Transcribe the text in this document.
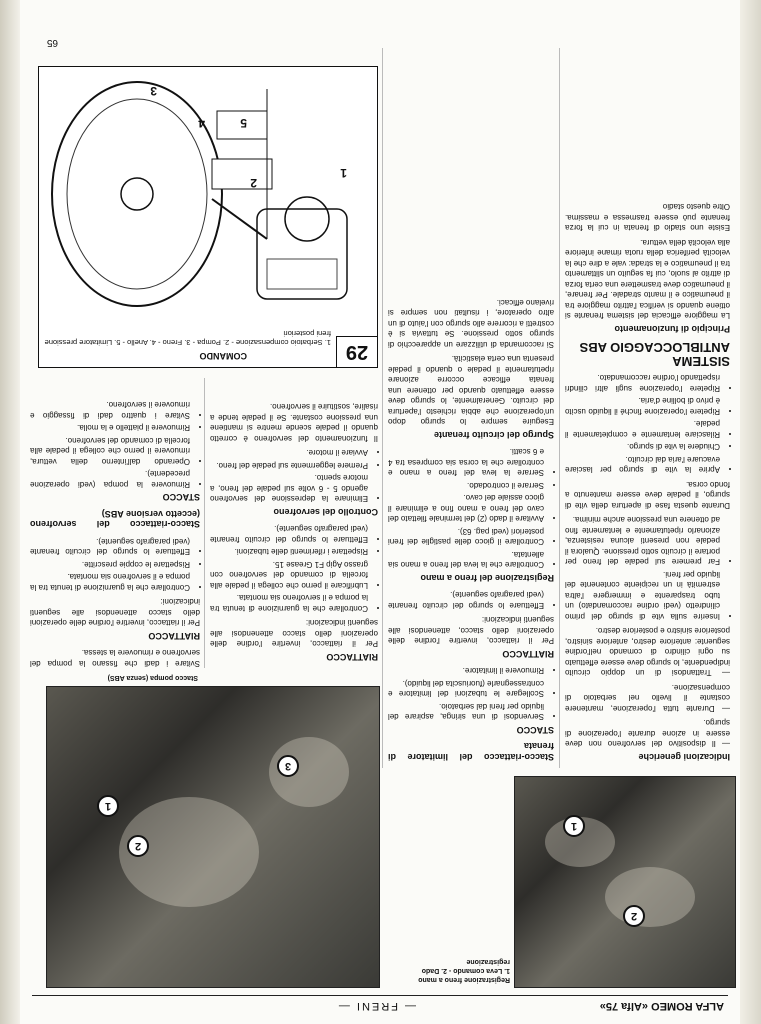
ALFA ROMEO «Alfa 75»
— FRENI —
65
2
1
Registrazione freno a mano
1. Leva comando - 2. Dado registrazione
2
1
3
Stacco pompa (senza ABS)
Indicazioni generiche

— Il dispositivo del servofreno non deve essere in azione durante l'operazione di spurgo.

— Durante tutta l'operazione, mantenere costante il livello nel serbatoio di compensazione.

— Trattandosi di un doppio circuito indipendente, lo spurgo deve essere effettuato su ogni cilindro di comando nell'ordine seguente: anteriore destro, anteriore sinistro, posteriore sinistro e posteriore destro.

• Inserire sulla vite di spurgo del primo cilindretto (vedi ordine raccomandato) un tubo trasparente e immergere l'altra estremità in un recipiente contenente del liquido per freni.
• Far premere sul pedale del freno per portare il circuito sotto pressione. Qualora il pedale non presenti alcuna resistenza, azionarlo ripetutamente e lentamente fino ad ottenere una pressione anche minima.

Durante questa fase di apertura della vite di spurgo, il pedale deve essere mantenuto a fondo corsa.

• Aprire la vite di spurgo per lasciare evacuare l'aria dal circuito.
• Chiudere la vite di spurgo.
• Rilasciare lentamente e completamente il pedale.
• Ripetere l'operazione finché il liquido uscito è privo di bolline d'aria.
• Ripetere l'operazione sugli altri cilindri rispettando l'ordine raccomandato.
SISTEMA ANTIBLOCCAGGIO ABS
Principio di funzionamento

La maggiore efficacia del sistema frenante si ottiene quando si verifica l'attrito maggiore tra il pneumatico e il manto stradale. Per frenare, il pneumatico deve trasmettere una certa forza di attrito al suolo, cui fa seguito un slittamento tra il pneumatico e la strada: vale a dire che la velocità periferica della ruota rimane inferiore alla velocità della vettura.

Esiste uno stadio di frenata in cui la forza frenante può essere trasmessa e massima. Oltre questo stadio

Stacco-riattacco del limitatore di frenata
STACCO
• Servendosi di una siringa, aspirare del liquido per freni dal serbatoio.
• Scollegare le tubazioni del limitatore e contrassegnarle (fuoriuscita del liquido).
• Rimuovere il limitatore.
RIATTACCO

Per il riattacco, invertire l'ordine delle operazioni dello stacco, attenendosi alle seguenti indicazioni:

• Effettuare lo spurgo del circuito frenante (vedi paragrafo seguente).
Registrazione del freno a mano
• Controllare che la leva del freno a mano sia allentata.
• Controllare il gioco delle pastiglie dei freni posteriori (vedi pag. 63).
• Avvitare il dado (2) del terminale filettato del cavo del freno a mano fino a eliminare il gioco assiale del cavo.
• Serrare il controdado.
• Serrare la leva del freno a mano e controllare che la corsa sia compresa tra 4 e 6 scatti.
Spurgo del circuito frenante

Eseguire sempre lo spurgo dopo un'operazione che abbia richiesto l'apertura del circuito. Generalmente, lo spurgo deve essere effettuato quando per ottenere una frenata efficace occorre azionare ripetutamente il pedale o quando il pedale presenta una certa elasticità.

Si raccomanda di utilizzare un apparecchio di spurgo sotto pressione. Se tuttavia si è costretti a ricorrere allo spurgo con l'aiuto di un altro operatore, i risultati non sempre si rivelano efficaci.

RIATTACCO

Per il riattacco, invertire l'ordine delle operazioni dello stacco attenendosi alle seguenti indicazioni:

• Controllare che la guarnizione di tenuta tra la pompa e il servofreno sia montata.
• Lubrificare il perno che collega il pedale alla forcella di comando del servofreno con grasso Agip F1 Grease 15.
• Rispettare i riferimenti delle tubazioni.
• Effettuare lo spurgo del circuito frenante (vedi paragrafo seguente).
Controllo del servofreno
• Eliminare la depressione del servofreno agendo 5 - 6 volte sul pedale del freno, a motore spento.
• Premere leggermente sul pedale del freno.
• Avviare il motore.

Il funzionamento del servofreno è corretto quando il pedale scende mentre si mantiene una pressione costante. Se il pedale tende a risalire, sostituire il servofreno.

Svitare i dadi che fissano la pompa del servofreno e rimuovere la stessa.

RIATTACCO

Per il riattacco, invertire l'ordine delle operazioni dello stacco attenendosi alle seguenti indicazioni:

• Controllare che la guarnizione di tenuta tra la pompa e il servofreno sia montata.
• Rispettare le coppie prescritte.
• Effettuare lo spurgo del circuito frenante (vedi paragrafo seguente).
Stacco-riattacco del servofreno (eccetto versione ABS)
STACCO
• Rimuovere la pompa (vedi operazione precedente).
• Operando dall'interno della vettura, rimuovere il perno che collega il pedale alla forcella di comando del servofreno.
• Rimuovere il piattello e la molla.
• Svitare i quattro dadi di fissaggio e rimuovere il servofreno.
29
COMANDO
1. Serbatoio compensazione - 2. Pompa - 3. Freno - 4. Anello - 5. Limitatore pressione freni posteriori
1
2
3
4	5
